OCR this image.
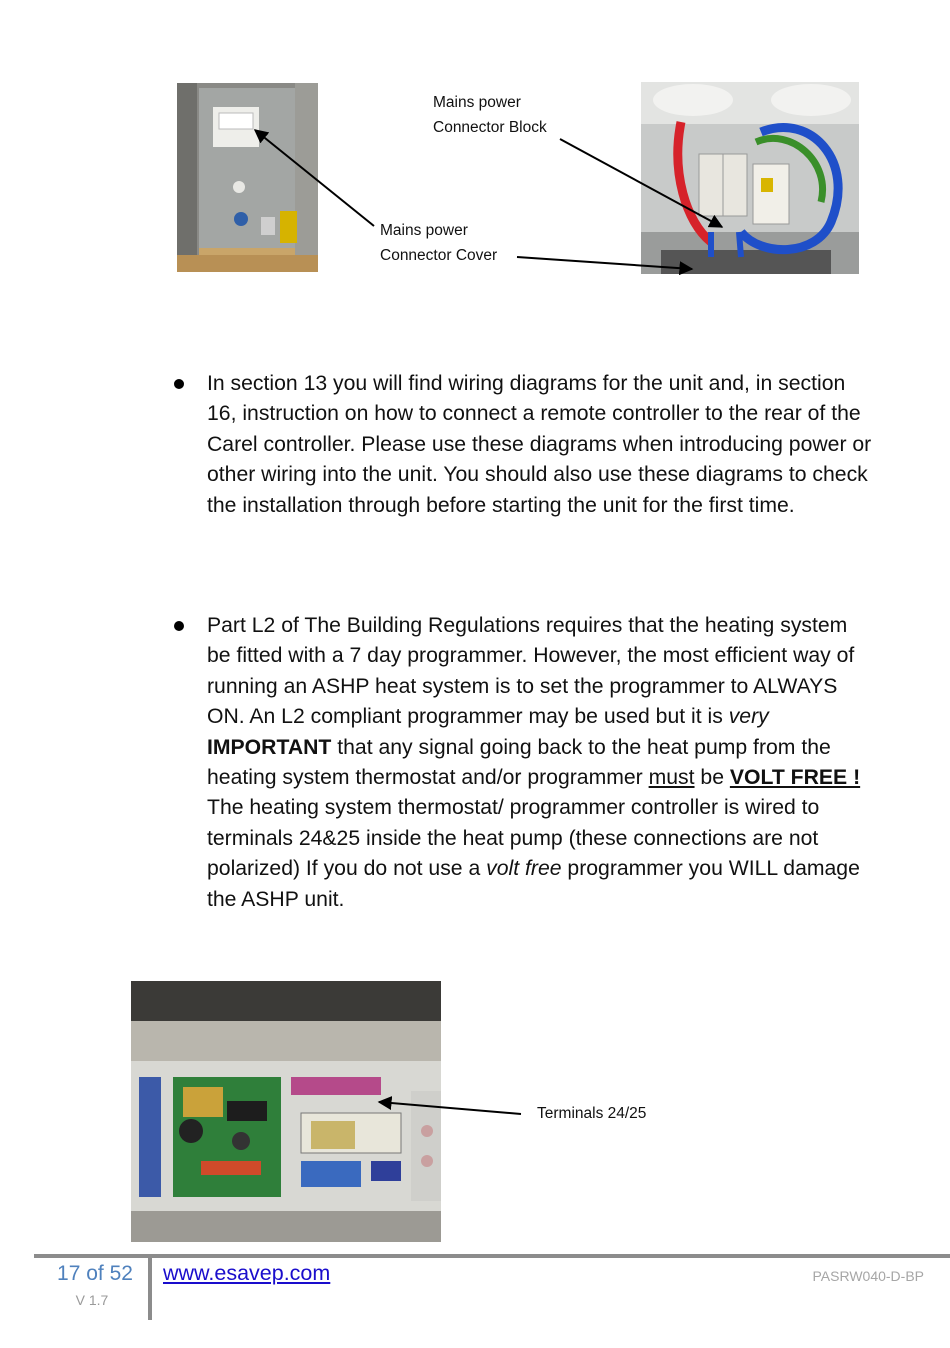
Mains power
Connector Block
Mains power
Connector Cover
In section 13 you will find wiring diagrams for the unit and, in section 16, instruction on how to connect a remote controller to the rear of the Carel controller. Please use these diagrams when introducing power or other wiring into the unit. You should also use these diagrams to check the installation through before starting the unit for the first time.
Part L2 of The Building Regulations requires that the heating system be fitted with a 7 day programmer. However, the most efficient way of running an ASHP heat system is to set the programmer to ALWAYS ON. An L2 compliant programmer may be used but it is very IMPORTANT that any signal going back to the heat pump from the heating system thermostat and/or programmer must be VOLT FREE ! The heating system thermostat/ programmer controller is wired to terminals 24&25 inside the heat pump (these connections are not polarized) If you do not use a volt free programmer you WILL damage the ASHP unit.
Terminals 24/25
17 of 52
V 1.7
www.esavep.com	PASRW040-D-BP
